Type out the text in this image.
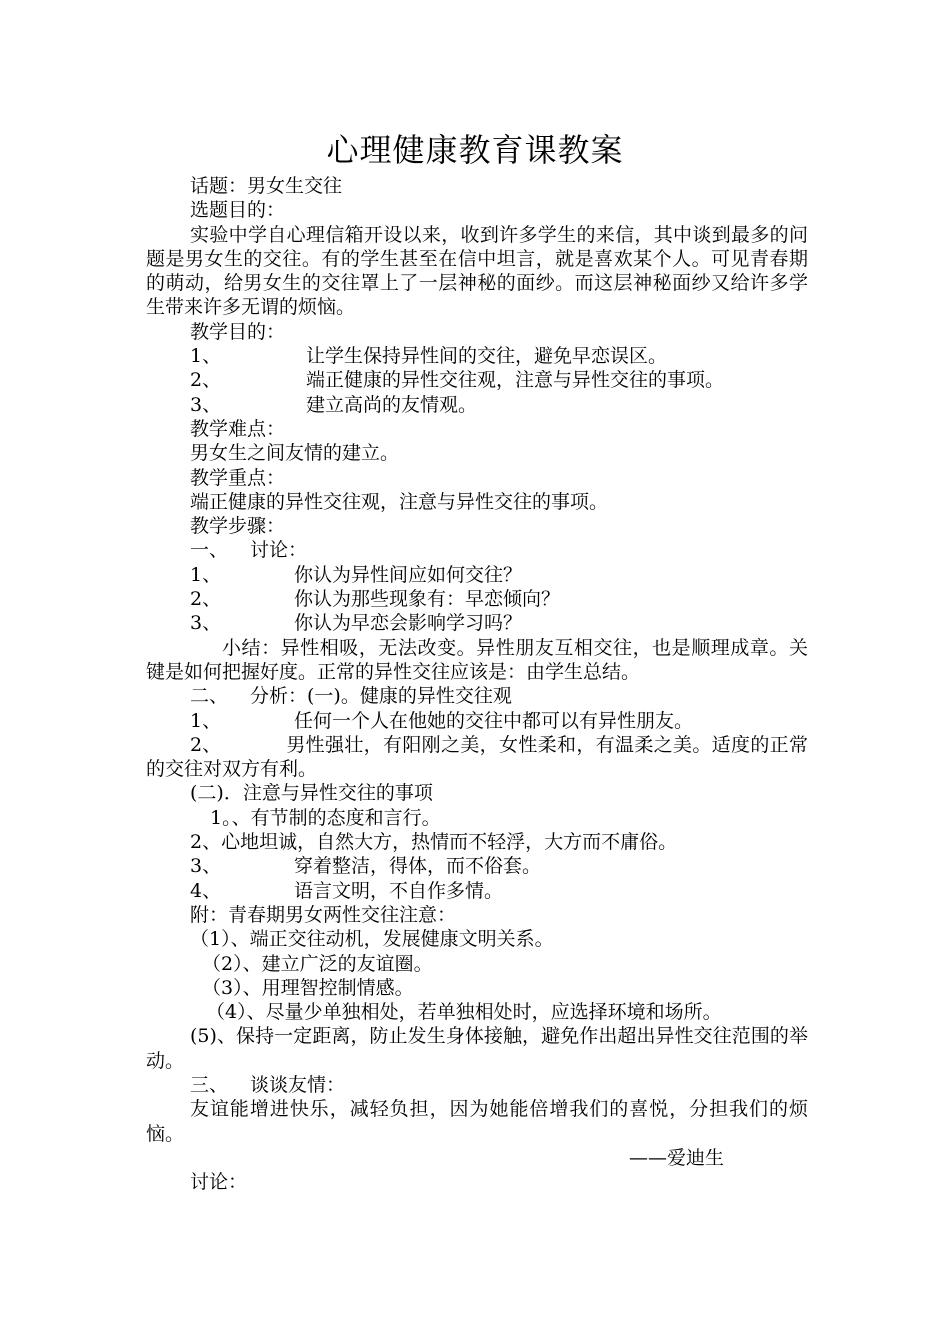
心理健康教育课教案
话题：男女生交往
选题目的：
实验中学自心理信箱开设以来，收到许多学生的来信，其中谈到最多的问题是男女生的交往。有的学生甚至在信中坦言，就是喜欢某个人。可见青春期的萌动，给男女生的交往罩上了一层神秘的面纱。而这层神秘面纱又给许多学生带来许多无谓的烦恼。
教学目的：
1、	让学生保持异性间的交往，避免早恋误区。
2、	端正健康的异性交往观，注意与异性交往的事项。
3、	建立高尚的友情观。
教学难点：
男女生之间友情的建立。
教学重点：
端正健康的异性交往观，注意与异性交往的事项。
教学步骤：
一、 讨论：
1、	你认为异性间应如何交往？
2、	你认为那些现象有：早恋倾向？
3、	你认为早恋会影响学习吗？
小结：异性相吸，无法改变。异性朋友互相交往，也是顺理成章。关键是如何把握好度。正常的异性交往应该是：由学生总结。
二、 分析：(一)。健康的异性交往观
1、	任何一个人在他她的交往中都可以有异性朋友。
2、	男性强壮，有阳刚之美，女性柔和，有温柔之美。适度的正常的交往对双方有利。
(二)．注意与异性交往的事项
1。、有节制的态度和言行。
2、心地坦诚，自然大方，热情而不轻浮，大方而不庸俗。
3、	穿着整洁，得体，而不俗套。
4、	语言文明，不自作多情。
附：青春期男女两性交往注意：
（1）、端正交往动机，发展健康文明关系。
（2）、建立广泛的友谊圈。
（3）、用理智控制情感。
（4）、尽量少单独相处，若单独相处时，应选择环境和场所。
(5)、保持一定距离，防止发生身体接触，避免作出超出异性交往范围的举动。
三、 谈谈友情：
友谊能增进快乐，减轻负担，因为她能倍增我们的喜悦，分担我们的烦恼。
——爱迪生
讨论：
